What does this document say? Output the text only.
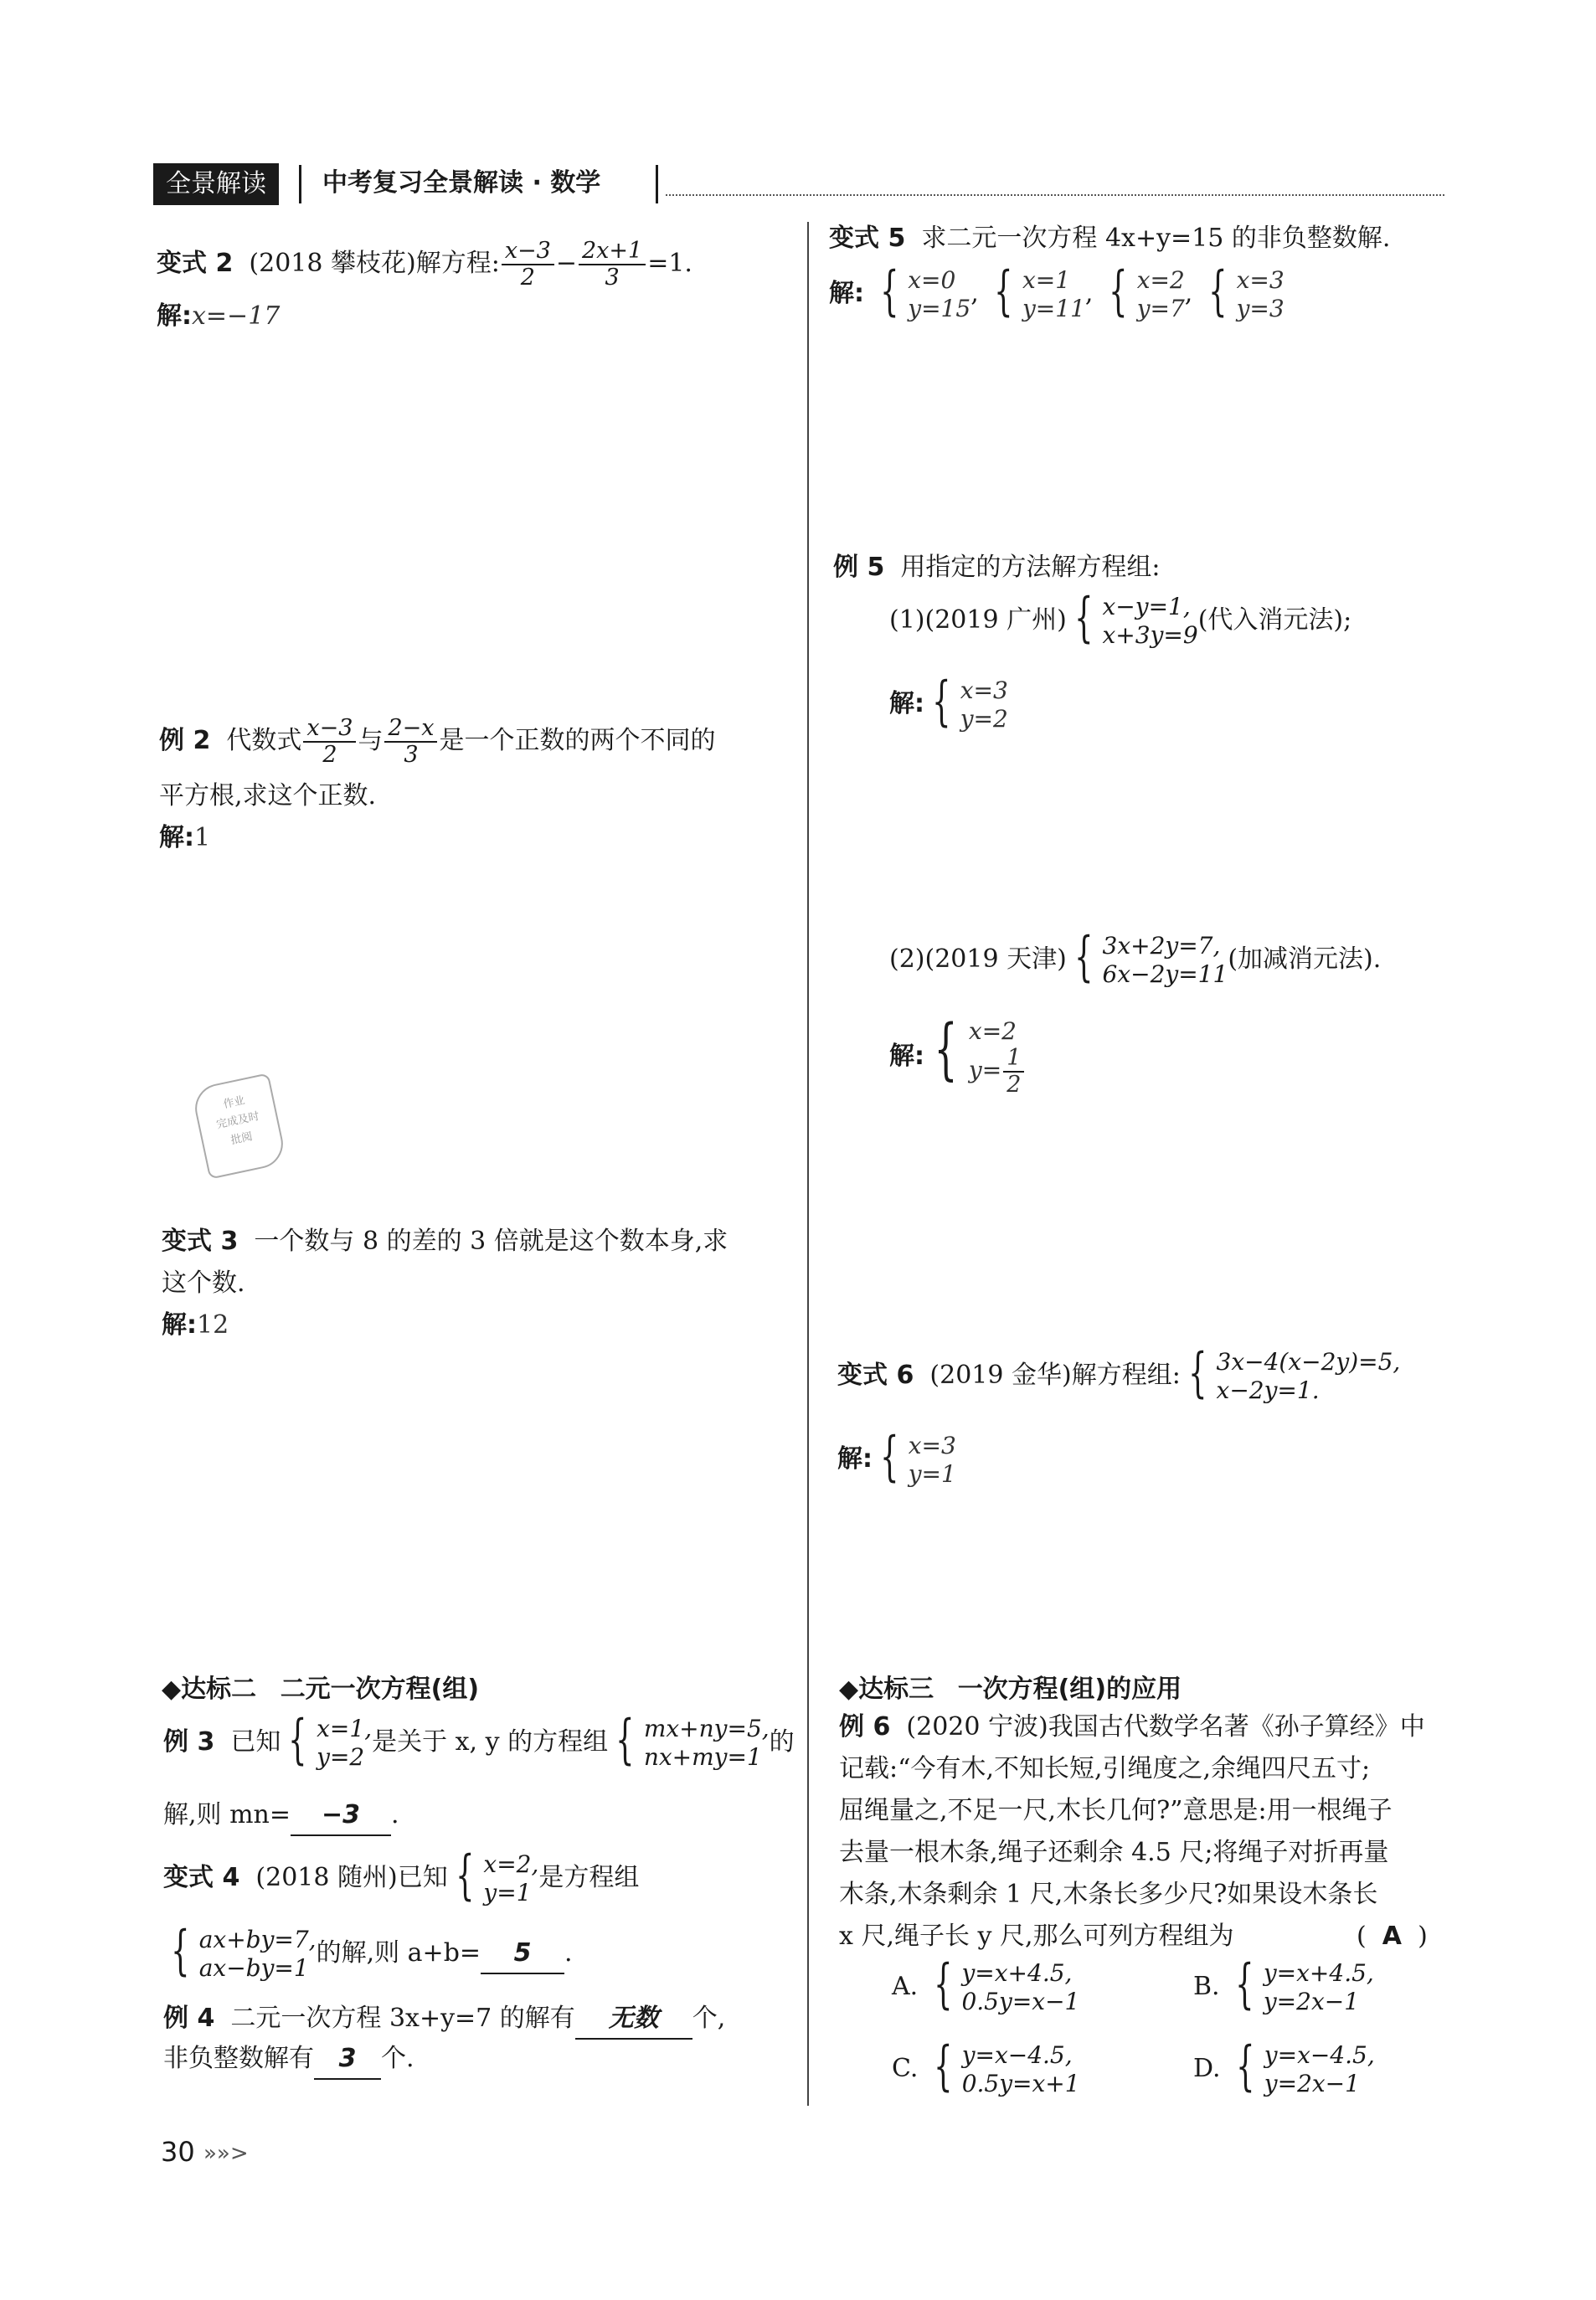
全景解读	中考复习全景解读 · 数学
变式 2 (2018 攀枝花)解方程: $\frac{x-3}{2} - \frac{2x+1}{3} =1$.
解:x=−17
例 2 代数式 $\frac{x-3}{2}$ 与 $\frac{2-x}{3}$ 是一个正数的两个不同的
平方根,求这个正数.
解:1
作业
完成及时
批阅
变式 3 一个数与 8 的差的 3 倍就是这个数本身,求
这个数.
解:12
◆达标二 二元一次方程(组)
例 3 已知 { x=1,
y=2
是关于 x, y 的方程组 { mx+ny=5,
nx+my=1
的
解,则 mn= −3 .
变式 4 (2018 随州)已知 { x=2,
y=1
是方程组
{ ax+by=7,
ax−by=1
的解,则 a+b= 5 .
例 4 二元一次方程 3x+y=7 的解有 无数 个,
非负整数解有 3 个.
30 »»>
变式 5 求二元一次方程 4x+y=15 的非负整数解.
解: { x=0
y=15
, { x=1
y=11
, { x=2
y=7
, { x=3
y=3
例 5 用指定的方法解方程组:
(1)(2019 广州) { x−y=1,
x+3y=9
(代入消元法);
解: { x=3
y=2
(2)(2019 天津) { 3x+2y=7,
6x−2y=11
(加减消元法).
解: { x=2
$y= \frac{1}{2}$
变式 6 (2019 金华)解方程组: { 3x−4(x−2y)=5,
x−2y=1.
解: { x=3
y=1
◆达标三 一次方程(组)的应用
例 6 (2020 宁波)我国古代数学名著《孙子算经》中
记载:“今有木,不知长短,引绳度之,余绳四尺五寸;
屈绳量之,不足一尺,木长几何?”意思是:用一根绳子
去量一根木条,绳子还剩余 4.5 尺;将绳子对折再量
木条,木条剩余 1 尺,木条长多少尺?如果设木条长
x 尺,绳子长 y 尺,那么可列方程组为	( A )
A. { y=x+4.5,
0.5y=x−1
B. { y=x+4.5,
y=2x−1
C. { y=x−4.5,
0.5y=x+1
D. { y=x−4.5,
y=2x−1
